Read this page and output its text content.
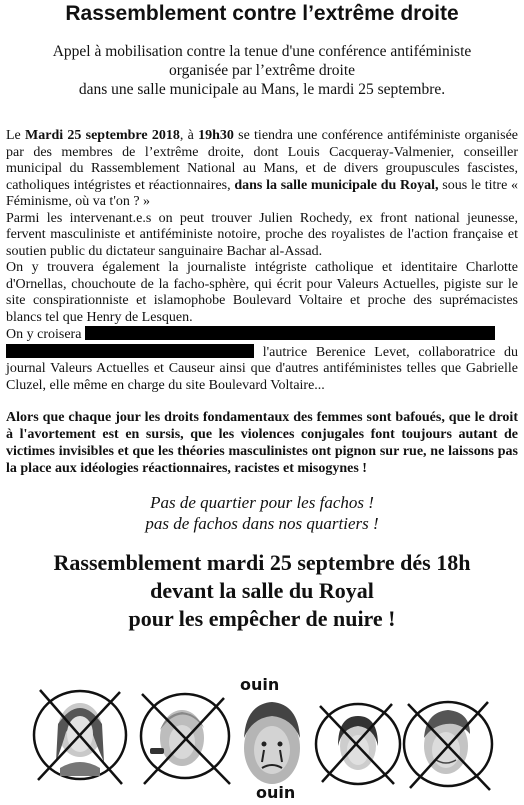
Rassemblement contre l’extrême droite
Appel à mobilisation contre la tenue d'une conférence antiféministe
organisée par l’extrême droite
dans une salle municipale au Mans, le mardi 25 septembre.

Le Mardi 25 septembre 2018, à 19h30 se tiendra une conférence antiféministe organisée par des membres de l’extrême droite, dont Louis Cacqueray-Valmenier, conseiller municipal du Rassemblement National au Mans, et de divers groupuscules fascistes, catholiques intégristes et réactionnaires, dans la salle municipale du Royal, sous le titre « Féminisme, où va t'on ? »

Parmi les intervenant.e.s on peut trouver Julien Rochedy, ex front national jeunesse, fervent masculiniste et antiféministe notoire, proche des royalistes de l'action française et soutien public du dictateur sanguinaire Bachar al-Assad.

On y trouvera également la journaliste intégriste catholique et identitaire Charlotte d'Ornellas, chouchoute de la facho-sphère, qui écrit pour Valeurs Actuelles, pigiste sur le site conspirationniste et islamophobe Boulevard Voltaire et proche des suprémacistes blancs tel que Henry de Lesquen.

On y croisera
l'autrice Berenice Levet, collaboratrice du journal Valeurs Actuelles et Causeur ainsi que d'autres antiféministes telles que Gabrielle Cluzel, elle même en charge du site Boulevard Voltaire...

Alors que chaque jour les droits fondamentaux des femmes sont bafoués, que le droit à l'avortement est en sursis, que les violences conjugales font toujours autant de victimes invisibles et que les théories masculinistes ont pignon sur rue, ne laissons pas la place aux idéologies réactionnaires, racistes et misogynes !
Pas de quartier pour les fachos !
pas de fachos dans nos quartiers !
Rassemblement mardi 25 septembre dés 18h
devant la salle du Royal
pour les empêcher de nuire !
ouin
ouin
